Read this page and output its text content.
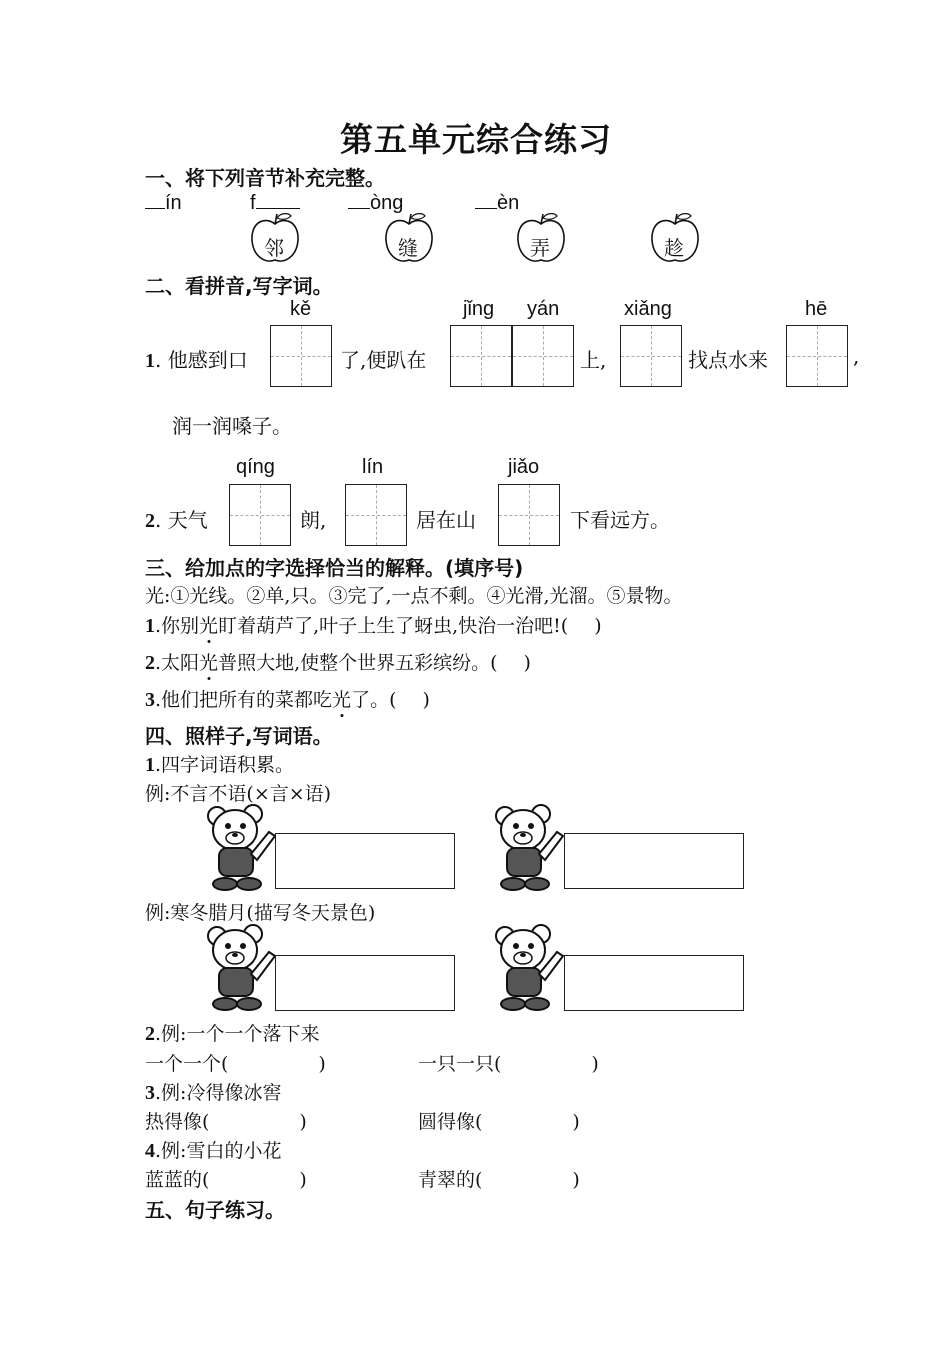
第五单元综合练习
一、将下列音节补充完整。
ín	f	òng	èn
邻	缝	弄	趁
二、看拼音,写字词。
kě	jǐng yán	xiǎng	hē
1. 他感到口	了,便趴在	上,	找点水来	,
润一润嗓子。
qíng	lín	jiǎo
2. 天气	朗,	居在山	下看远方。
三、给加点的字选择恰当的解释。(填序号)
光:①光线。②单,只。③完了,一点不剩。④光滑,光溜。⑤景物。
1.你别光盯着葫芦了,叶子上生了蚜虫,快治一治吧!( )
2.太阳光普照大地,使整个世界五彩缤纷。( )
3.他们把所有的菜都吃光了。( )
四、照样子,写词语。
1.四字词语积累。
例:不言不语(×言×语)
例:寒冬腊月(描写冬天景色)
2.例:一个一个落下来
一个一个(	)	一只一只(	)
3.例:冷得像冰窖
热得像(	)	圆得像(	)
4.例:雪白的小花
蓝蓝的(	)	青翠的(	)
五、句子练习。
